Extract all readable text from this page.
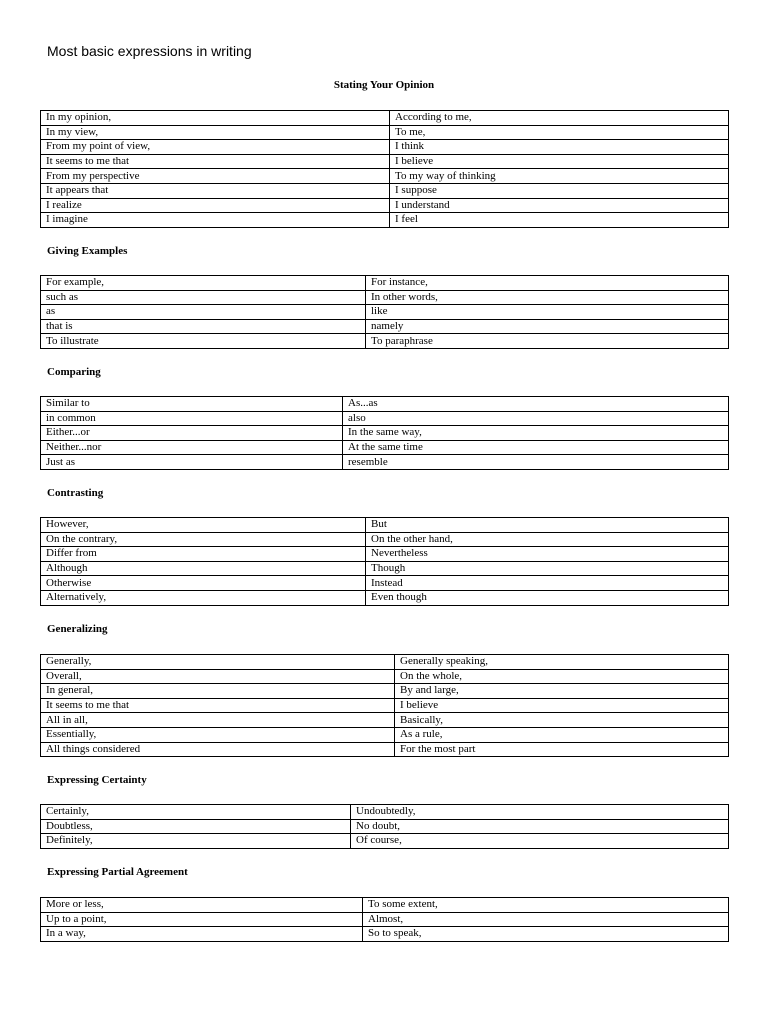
Most basic expressions in writing
Stating Your Opinion
In my opinion,	According to me,
In my view,	To me,
From my point of view,	I think
It seems to me that	I believe
From my perspective	To my way of thinking
It appears that	I suppose
I realize	I understand
I imagine	I feel
Giving Examples
For example,	For instance,
such as	In other words,
as	like
that is	namely
To illustrate	To paraphrase
Comparing
Similar to	As...as
in common	also
Either...or	In the same way,
Neither...nor	At the same time
Just as	resemble
Contrasting
However,	But
On the contrary,	On the other hand,
Differ from	Nevertheless
Although	Though
Otherwise	Instead
Alternatively,	Even though
Generalizing
Generally,	Generally speaking,
Overall,	On the whole,
In general,	By and large,
It seems to me that	I believe
All in all,	Basically,
Essentially,	As a rule,
All things considered	For the most part
Expressing Certainty
Certainly,	Undoubtedly,
Doubtless,	No doubt,
Definitely,	Of course,
Expressing Partial Agreement
More or less,	To some extent,
Up to a point,	Almost,
In a way,	So to speak,
